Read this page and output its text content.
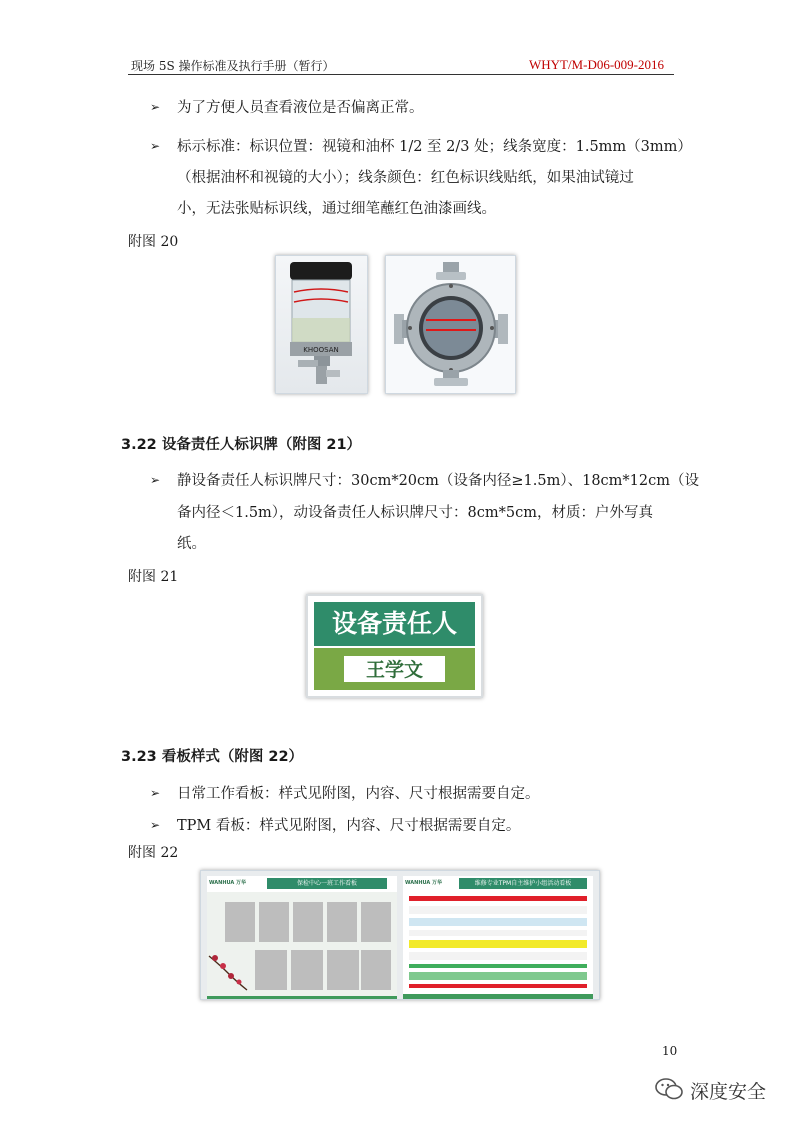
现场 5S 操作标准及执行手册（暂行）	WHYT/M-D06-009-2016
➢ 为了方便人员查看液位是否偏离正常。
➢ 标示标准：标识位置：视镜和油杯 1/2 至 2/3 处；线条宽度：1.5mm（3mm）
（根据油杯和视镜的大小）；线条颜色：红色标识线贴纸，如果油试镜过
小，无法张贴标识线，通过细笔蘸红色油漆画线。
附图 20
KHOOSAN
3.22 设备责任人标识牌（附图 21）
➢ 静设备责任人标识牌尺寸：30cm*20cm（设备内径≥1.5m）、18cm*12cm（设
备内径＜1.5m），动设备责任人标识牌尺寸：8cm*5cm，材质：户外写真
纸。
附图 21
设备责任人
王学文
3.23 看板样式（附图 22）
➢ 日常工作看板：样式见附图，内容、尺寸根据需要自定。
➢ TPM 看板：样式见附图，内容、尺寸根据需要自定。
附图 22
WANHUA 万华	保检中心一班工作看板	WANHUA 万华	维修专业TPM自主维护小组活动看板
10
深度安全
